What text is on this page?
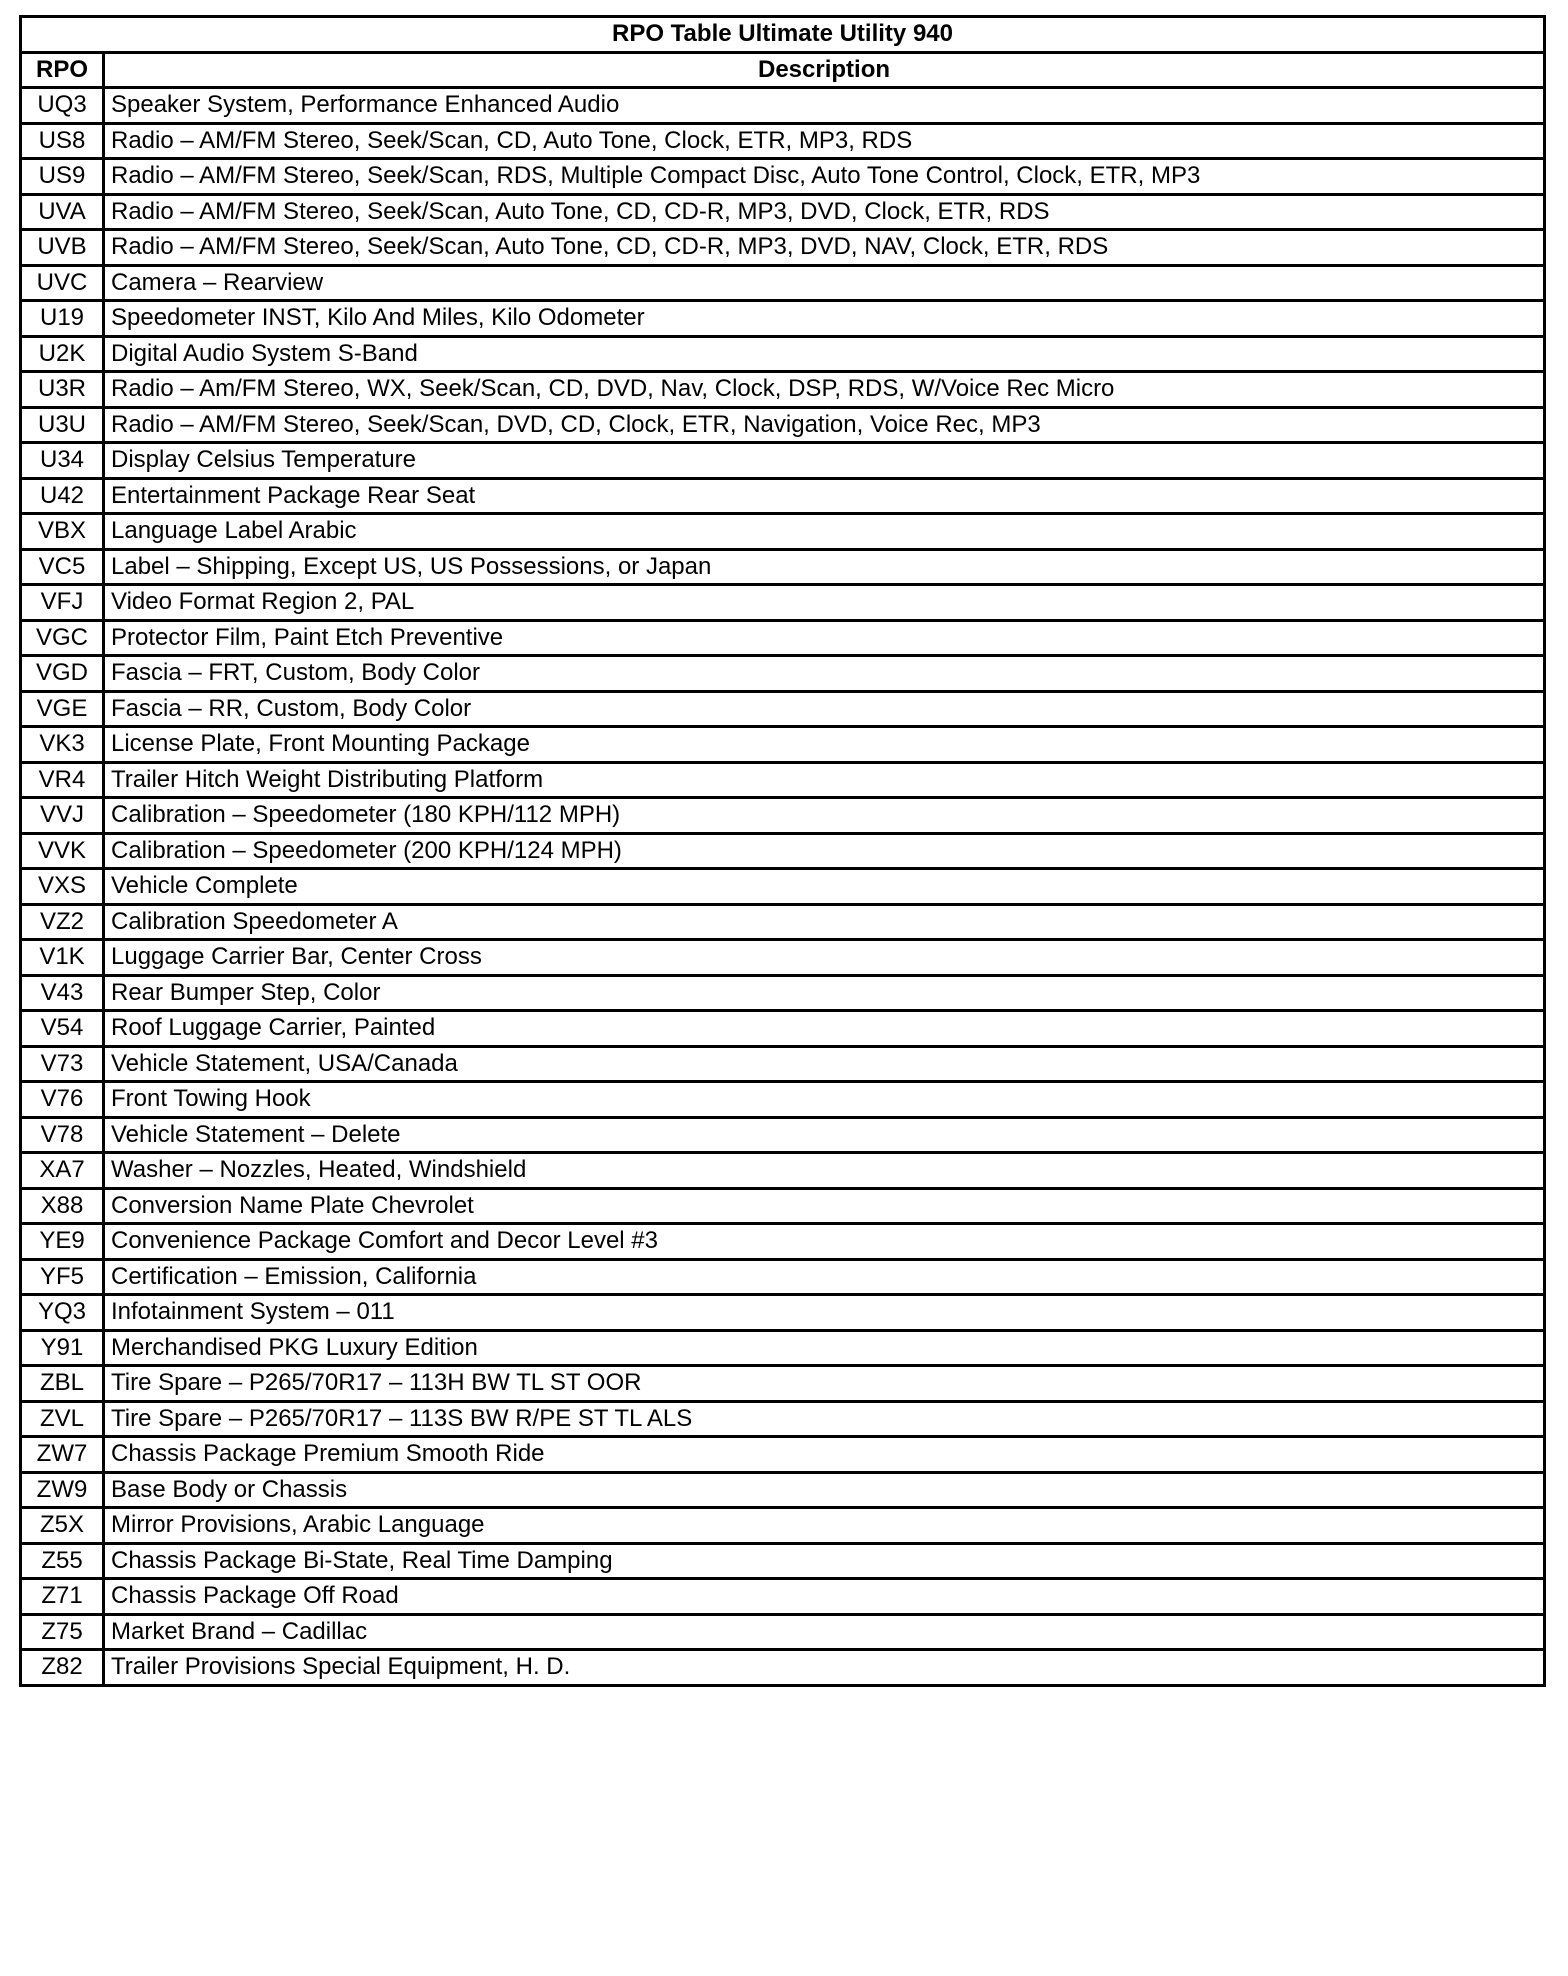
RPO Table Ultimate Utility 940	
RPO	Description
UQ3	Speaker System, Performance Enhanced Audio
US8	Radio – AM/FM Stereo, Seek/Scan, CD, Auto Tone, Clock, ETR, MP3, RDS
US9	Radio – AM/FM Stereo, Seek/Scan, RDS, Multiple Compact Disc, Auto Tone Control, Clock, ETR, MP3
UVA	Radio – AM/FM Stereo, Seek/Scan, Auto Tone, CD, CD-R, MP3, DVD, Clock, ETR, RDS
UVB	Radio – AM/FM Stereo, Seek/Scan, Auto Tone, CD, CD-R, MP3, DVD, NAV, Clock, ETR, RDS
UVC	Camera – Rearview
U19	Speedometer INST, Kilo And Miles, Kilo Odometer
U2K	Digital Audio System S-Band
U3R	Radio – Am/FM Stereo, WX, Seek/Scan, CD, DVD, Nav, Clock, DSP, RDS, W/Voice Rec Micro
U3U	Radio – AM/FM Stereo, Seek/Scan, DVD, CD, Clock, ETR, Navigation, Voice Rec, MP3
U34	Display Celsius Temperature
U42	Entertainment Package Rear Seat
VBX	Language Label Arabic
VC5	Label – Shipping, Except US, US Possessions, or Japan
VFJ	Video Format Region 2, PAL
VGC	Protector Film, Paint Etch Preventive
VGD	Fascia – FRT, Custom, Body Color
VGE	Fascia – RR, Custom, Body Color
VK3	License Plate, Front Mounting Package
VR4	Trailer Hitch Weight Distributing Platform
VVJ	Calibration – Speedometer (180 KPH/112 MPH)
VVK	Calibration – Speedometer (200 KPH/124 MPH)
VXS	Vehicle Complete
VZ2	Calibration Speedometer A
V1K	Luggage Carrier Bar, Center Cross
V43	Rear Bumper Step, Color
V54	Roof Luggage Carrier, Painted
V73	Vehicle Statement, USA/Canada
V76	Front Towing Hook
V78	Vehicle Statement – Delete
XA7	Washer – Nozzles, Heated, Windshield
X88	Conversion Name Plate Chevrolet
YE9	Convenience Package Comfort and Decor Level #3
YF5	Certification – Emission, California
YQ3	Infotainment System – 011
Y91	Merchandised PKG Luxury Edition
ZBL	Tire Spare – P265/70R17 – 113H BW TL ST OOR
ZVL	Tire Spare – P265/70R17 – 113S BW R/PE ST TL ALS
ZW7	Chassis Package Premium Smooth Ride
ZW9	Base Body or Chassis
Z5X	Mirror Provisions, Arabic Language
Z55	Chassis Package Bi-State, Real Time Damping
Z71	Chassis Package Off Road
Z75	Market Brand – Cadillac
Z82	Trailer Provisions Special Equipment, H. D.
